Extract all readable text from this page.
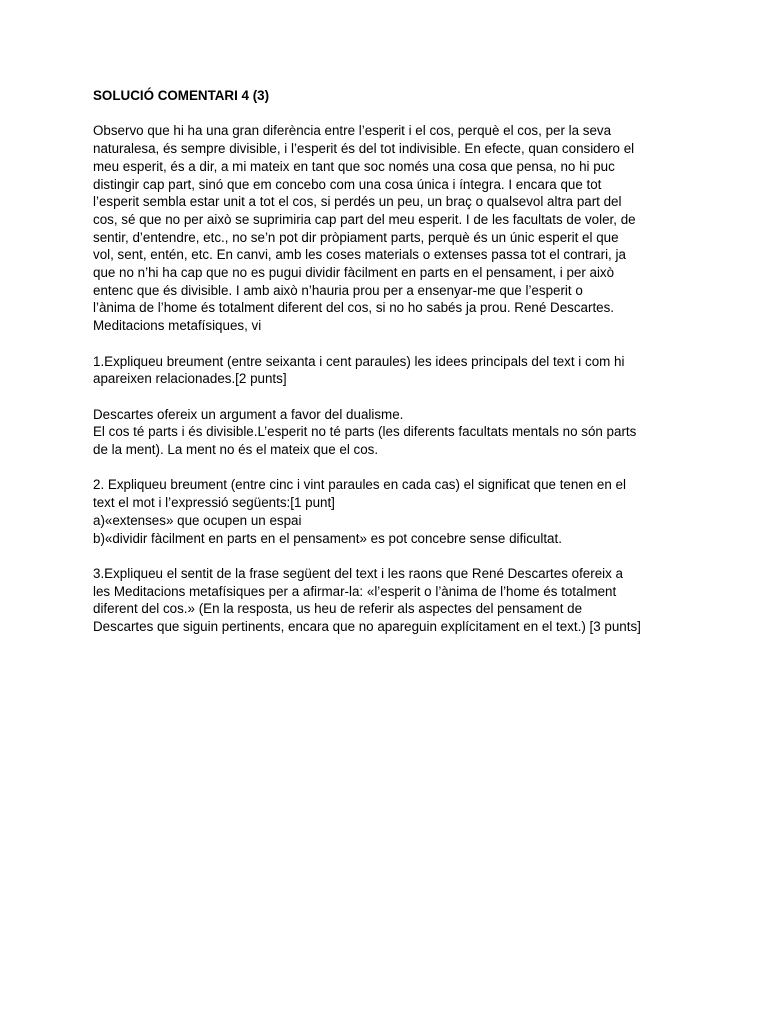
SOLUCIÓ COMENTARI 4 (3)
Observo que hi ha una gran diferència entre l’esperit i el cos, perquè el cos, per la seva
naturalesa, és sempre divisible, i l’esperit és del tot indivisible. En efecte, quan considero el
meu esperit, és a dir, a mi mateix en tant que soc només una cosa que pensa, no hi puc
distingir cap part, sinó que em concebo com una cosa única i íntegra. I encara que tot
l’esperit sembla estar unit a tot el cos, si perdés un peu, un braç o qualsevol altra part del
cos, sé que no per això se suprimiria cap part del meu esperit. I de les facultats de voler, de
sentir, d’entendre, etc., no se’n pot dir pròpiament parts, perquè és un únic esperit el que
vol, sent, entén, etc. En canvi, amb les coses materials o extenses passa tot el contrari, ja
que no n’hi ha cap que no es pugui dividir fàcilment en parts en el pensament, i per això
entenc que és divisible. I amb això n’hauria prou per a ensenyar-me que l’esperit o
l’ànima de l’home és totalment diferent del cos, si no ho sabés ja prou. René Descartes.
Meditacions metafísiques, vi
1.Expliqueu breument (entre seixanta i cent paraules) les idees principals del text i com hi
apareixen relacionades.[2 punts]
Descartes ofereix un argument a favor del dualisme.
El cos té parts i és divisible.L’esperit no té parts (les diferents facultats mentals no són parts
de la ment). La ment no és el mateix que el cos.
2. Expliqueu breument (entre cinc i vint paraules en cada cas) el significat que tenen en el
text el mot i l’expressió següents:[1 punt]
a)«extenses» que ocupen un espai
b)«dividir fàcilment en parts en el pensament» es pot concebre sense dificultat.
3.Expliqueu el sentit de la frase següent del text i les raons que René Descartes ofereix a
les Meditacions metafísiques per a afirmar-la: «l’esperit o l’ànima de l’home és totalment
diferent del cos.» (En la resposta, us heu de referir als aspectes del pensament de
Descartes que siguin pertinents, encara que no apareguin explícitament en el text.) [3 punts]
